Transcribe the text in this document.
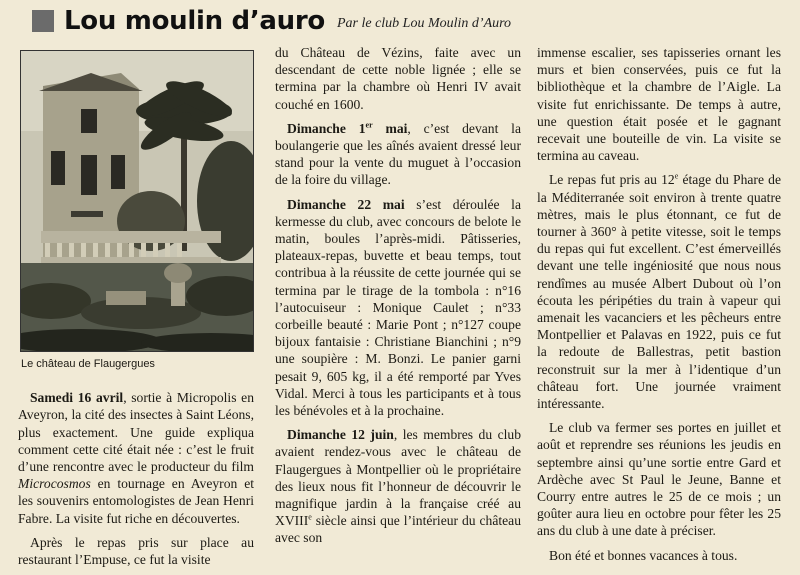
Lou moulin d’auro Par le club Lou Moulin d’Auro
Le château de Flaugergues

Samedi 16 avril, sortie à Micropolis en Aveyron, la cité des insectes à Saint Léons, plus exactement. Une guide expliqua comment cette cité était née : c’est le fruit d’une rencontre avec le producteur du film Microcosmos en tournage en Aveyron et les souvenirs entomologistes de Jean Henri Fabre. La visite fut riche en découvertes.

Après le repas pris sur place au restaurant l’Empuse, ce fut la visite

du Château de Vézins, faite avec un descendant de cette noble lignée ; elle se termina par la chambre où Henri IV avait couché en 1600.

Dimanche 1er mai, c’est devant la boulangerie que les aînés avaient dressé leur stand pour la vente du muguet à l’occasion de la foire du village.

Dimanche 22 mai s’est déroulée la kermesse du club, avec concours de belote le matin, boules l’après-midi. Pâtisseries, plateaux-repas, buvette et beau temps, tout contribua à la réussite de cette journée qui se termina par le tirage de la tombola : n°16 l’autocuiseur : Monique Caulet ; n°33 corbeille beauté : Marie Pont ; n°127 coupe bijoux fantaisie : Christiane Bianchini ; n°9 une soupière : M. Bonzi. Le panier garni pesait 9, 605 kg, il a été remporté par Yves Vidal. Merci à tous les participants et à tous les bénévoles et à la prochaine.

Dimanche 12 juin, les membres du club avaient rendez-vous avec le château de Flaugergues à Montpellier où le propriétaire des lieux nous fit l’honneur de découvrir le magnifique jardin à la française créé au XVIIIe siècle ainsi que l’intérieur du château avec son

immense escalier, ses tapisseries ornant les murs et bien conservées, puis ce fut la bibliothèque et la chambre de l’Aigle. La visite fut enrichissante. De temps à autre, une question était posée et le gagnant recevait une bouteille de vin. La visite se termina au caveau.

Le repas fut pris au 12e étage du Phare de la Méditerranée soit environ à trente quatre mètres, mais le plus étonnant, ce fut de tourner à 360° à petite vitesse, soit le temps du repas qui fut excellent. C’est émerveillés devant une telle ingéniosité que nous nous rendîmes au musée Albert Dubout où l’on écouta les péripéties du train à vapeur qui amenait les vacanciers et les pêcheurs entre Montpellier et Palavas en 1922, puis ce fut la redoute de Ballestras, petit bastion reconstruit sur la mer à l’identique d’un château fort. Une journée vraiment intéressante.

Le club va fermer ses portes en juillet et août et reprendre ses réunions les jeudis en septembre ainsi qu’une sortie entre Gard et Ardèche avec St Paul le Jeune, Banne et Courry entre autres le 25 de ce mois ; un goûter aura lieu en octobre pour fêter les 25 ans du club à une date à préciser.

Bon été et bonnes vacances à tous.
